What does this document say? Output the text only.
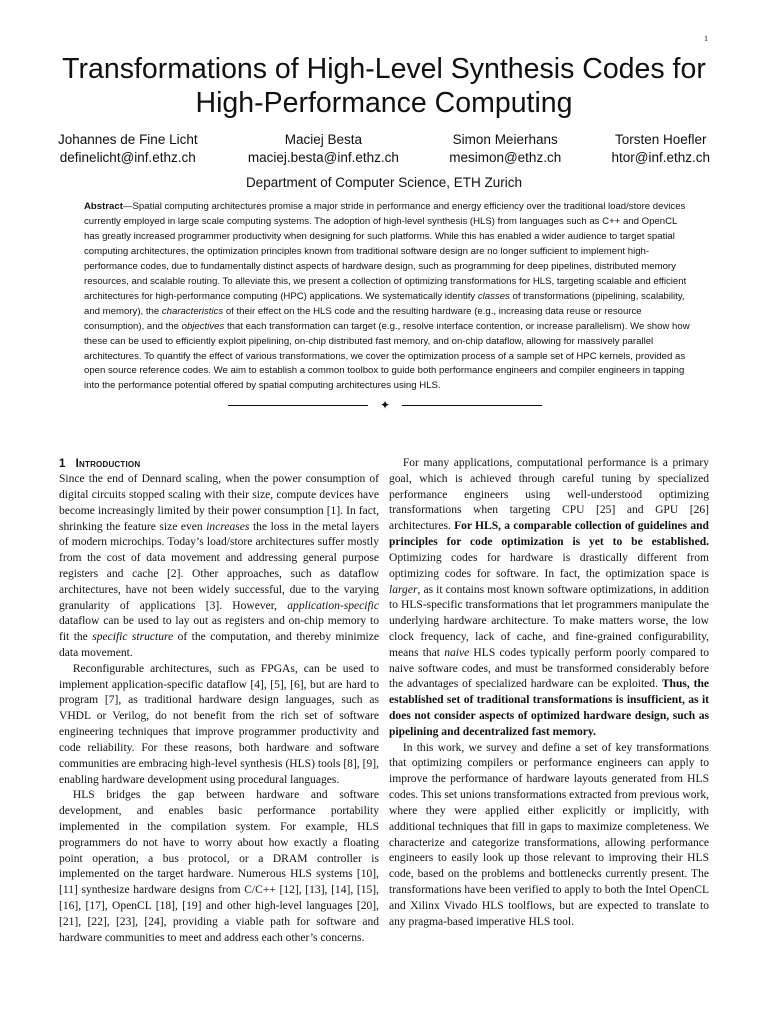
1
Transformations of High-Level Synthesis Codes for High-Performance Computing
Johannes de Fine Licht
definelicht@inf.ethz.ch
Maciej Besta
maciej.besta@inf.ethz.ch
Simon Meierhans
mesimon@ethz.ch
Torsten Hoefler
htor@inf.ethz.ch
Department of Computer Science, ETH Zurich

Abstract—Spatial computing architectures promise a major stride in performance and energy efficiency over the traditional load/store devices currently employed in large scale computing systems. The adoption of high-level synthesis (HLS) from languages such as C++ and OpenCL has greatly increased programmer productivity when designing for such platforms. While this has enabled a wider audience to target spatial computing architectures, the optimization principles known from traditional software design are no longer sufficient to implement high-performance codes, due to fundamentally distinct aspects of hardware design, such as programming for deep pipelines, distributed memory resources, and scalable routing. To alleviate this, we present a collection of optimizing transformations for HLS, targeting scalable and efficient architectures for high-performance computing (HPC) applications. We systematically identify classes of transformations (pipelining, scalability, and memory), the characteristics of their effect on the HLS code and the resulting hardware (e.g., increasing data reuse or resource consumption), and the objectives that each transformation can target (e.g., resolve interface contention, or increase parallelism). We show how these can be used to efficiently exploit pipelining, on-chip distributed fast memory, and on-chip dataflow, allowing for massively parallel architectures. To quantify the effect of various transformations, we cover the optimization process of a sample set of HPC kernels, provided as open source reference codes. We aim to establish a common toolbox to guide both performance engineers and compiler engineers in tapping into the performance potential offered by spatial computing architectures using HLS.

✦
1 Introduction

Since the end of Dennard scaling, when the power consumption of digital circuits stopped scaling with their size, compute devices have become increasingly limited by their power consumption [1]. In fact, shrinking the feature size even increases the loss in the metal layers of modern microchips. Today’s load/store architectures suffer mostly from the cost of data movement and addressing general purpose registers and cache [2]. Other approaches, such as dataflow architectures, have not been widely successful, due to the varying granularity of applications [3]. However, application-specific dataflow can be used to lay out as registers and on-chip memory to fit the specific structure of the computation, and thereby minimize data movement.

Reconfigurable architectures, such as FPGAs, can be used to implement application-specific dataflow [4], [5], [6], but are hard to program [7], as traditional hardware design languages, such as VHDL or Verilog, do not benefit from the rich set of software engineering techniques that improve programmer productivity and code reliability. For these reasons, both hardware and software communities are embracing high-level synthesis (HLS) tools [8], [9], enabling hardware development using procedural languages.

HLS bridges the gap between hardware and software development, and enables basic performance portability implemented in the compilation system. For example, HLS programmers do not have to worry about how exactly a floating point operation, a bus protocol, or a DRAM controller is implemented on the target hardware. Numerous HLS systems [10], [11] synthesize hardware designs from C/C++ [12], [13], [14], [15], [16], [17], OpenCL [18], [19] and other high-level languages [20], [21], [22], [23], [24], providing a viable path for software and hardware communities to meet and address each other’s concerns.

For many applications, computational performance is a primary goal, which is achieved through careful tuning by specialized performance engineers using well-understood optimizing transformations when targeting CPU [25] and GPU [26] architectures. For HLS, a comparable collection of guidelines and principles for code optimization is yet to be established. Optimizing codes for hardware is drastically different from optimizing codes for software. In fact, the optimization space is larger, as it contains most known software optimizations, in addition to HLS-specific transformations that let programmers manipulate the underlying hardware architecture. To make matters worse, the low clock frequency, lack of cache, and fine-grained configurability, means that naive HLS codes typically perform poorly compared to naive software codes, and must be transformed considerably before the advantages of specialized hardware can be exploited. Thus, the established set of traditional transformations is insufficient, as it does not consider aspects of optimized hardware design, such as pipelining and decentralized fast memory.

In this work, we survey and define a set of key transformations that optimizing compilers or performance engineers can apply to improve the performance of hardware layouts generated from HLS codes. This set unions transformations extracted from previous work, where they were applied either explicitly or implicitly, with additional techniques that fill in gaps to maximize completeness. We characterize and categorize transformations, allowing performance engineers to easily look up those relevant to improving their HLS code, based on the problems and bottlenecks currently present. The transformations have been verified to apply to both the Intel OpenCL and Xilinx Vivado HLS toolflows, but are expected to translate to any pragma-based imperative HLS tool.
